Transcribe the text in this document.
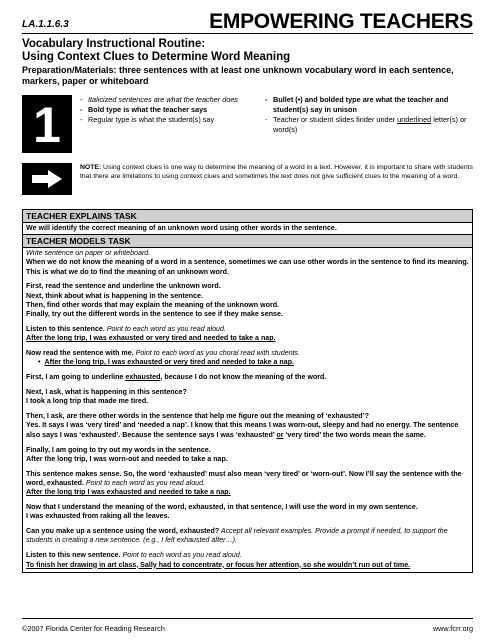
LA.1.1.6.3	EMPOWERING TEACHERS
Vocabulary Instructional Routine:
Using Context Clues to Determine Word Meaning
Preparation/Materials: three sentences with at least one unknown vocabulary word in each sentence, markers, paper or whiteboard
1
-	Italicized sentences are what the teacher does
- Bold type is what the teacher says
- Regular type is what the student(s) say
- Bullet (•) and bolded type are what the teacher and student(s) say in unison
- Teacher or student slides finder under underlined letter(s) or word(s)
NOTE: Using context clues is one way to determine the meaning of a word in a text. However, it is important to share with students that there are limitations to using context clues and sometimes the text does not give sufficient clues to the meaning of a word.
TEACHER EXPLAINS TASK
We will identify the correct meaning of an unknown word using other words in the sentence.
TEACHER MODELS TASK

Write sentence on paper or whiteboard.

When we do not know the meaning of a word in a sentence, sometimes we can use other words in the sentence to find its meaning. This is what we do to find the meaning of an unknown word.

First, read the sentence and underline the unknown word.
Next, think about what is happening in the sentence.
Then, find other words that may explain the meaning of the unknown word.
Finally, try out the different words in the sentence to see if they make sense.

Listen to this sentence. Point to each word as you read aloud.
After the long trip, I was exhausted or very tired and needed to take a nap.

Now read the sentence with me. Point to each word as you choral read with students.
• After the long trip, I was exhausted or very tired and needed to take a nap.

First, I am going to underline exhausted, because I do not know the meaning of the word.

Next, I ask, what is happening in this sentence?
I took a long trip that made me tired.

Then, I ask, are there other words in the sentence that help me figure out the meaning of ‘exhausted’?
Yes. It says I was ‘very tired’ and ‘needed a nap’. I know that this means I was worn-out, sleepy and had no energy. The sentence also says I was ‘exhausted’. Because the sentence says I was ‘exhausted’ or ‘very tired’ the two words mean the same.

Finally, I am going to try out my words in the sentence.
After the long trip, I was worn-out and needed to take a nap.

This sentence makes sense. So, the word ‘exhausted’ must also mean ‘very tired’ or ‘worn-out’. Now I’ll say the sentence with the word, exhausted. Point to each word as you read aloud.
After the long trip I was exhausted and needed to take a nap.

Now that I understand the meaning of the word, exhausted, in that sentence, I will use the word in my own sentence.
I was exhausted from raking all the leaves.

Can you make up a sentence using the word, exhausted? Accept all relevant examples. Provide a prompt if needed, to support the students in creating a new sentence. (e.g., I felt exhausted after…).

Listen to this new sentence. Point to each word as you read aloud.
To finish her drawing in art class, Sally had to concentrate, or focus her attention, so she wouldn’t run out of time.

©2007 Florida Center for Reading Research	www.fcrr.org
